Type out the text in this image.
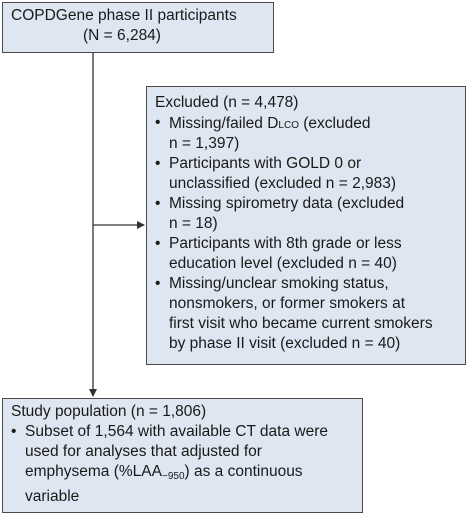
COPDGene phase II participants
(N = 6,284)
Excluded (n = 4,478)
• Missing/failed Dlco (excluded
n = 1,397)
• Participants with GOLD 0 or
unclassified (excluded n = 2,983)
• Missing spirometry data (excluded
n = 18)
• Participants with 8th grade or less
education level (excluded n = 40)
• Missing/unclear smoking status,
nonsmokers, or former smokers at
first visit who became current smokers
by phase II visit (excluded n = 40)
Study population (n = 1,806)
• Subset of 1,564 with available CT data were
used for analyses that adjusted for
emphysema $(\%LAA_{-950})$ as a continuous
variable
